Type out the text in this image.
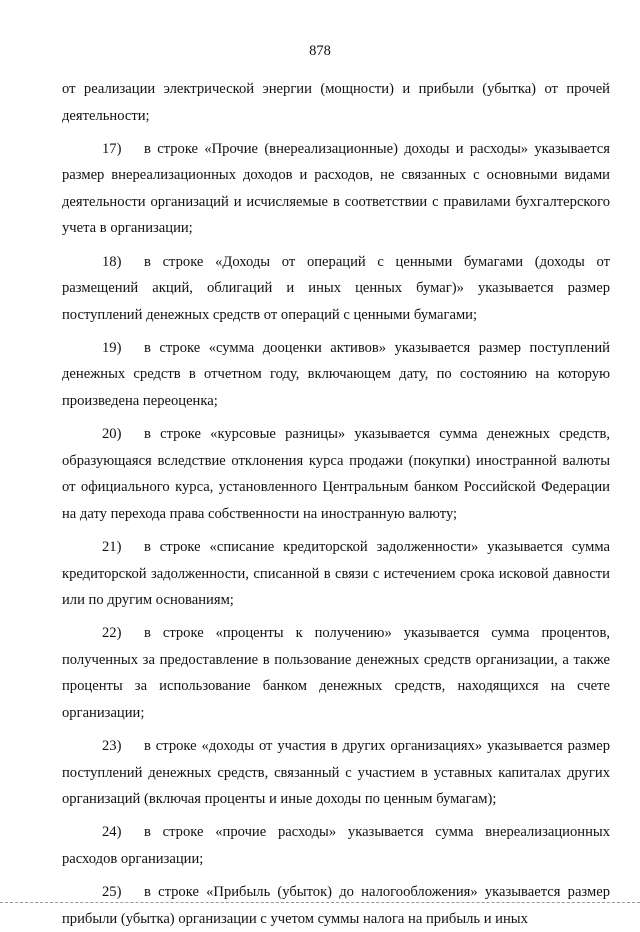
878

от реализации электрической энергии (мощности) и прибыли (убытка) от прочей деятельности;

17) в строке «Прочие (внереализационные) доходы и расходы» указывается размер внереализационных доходов и расходов, не связанных с основными видами деятельности организаций и исчисляемые в соответствии с правилами бухгалтерского учета в организации;

18) в строке «Доходы от операций с ценными бумагами (доходы от размещений акций, облигаций и иных ценных бумаг)» указывается размер поступлений денежных средств от операций с ценными бумагами;

19) в строке «сумма дооценки активов» указывается размер поступлений денежных средств в отчетном году, включающем дату, по состоянию на которую произведена переоценка;

20) в строке «курсовые разницы» указывается сумма денежных средств, образующаяся вследствие отклонения курса продажи (покупки) иностранной валюты от официального курса, установленного Центральным банком Российской Федерации на дату перехода права собственности на иностранную валюту;

21) в строке «списание кредиторской задолженности» указывается сумма кредиторской задолженности, списанной в связи с истечением срока исковой давности или по другим основаниям;

22) в строке «проценты к получению» указывается сумма процентов, полученных за предоставление в пользование денежных средств организации, а также проценты за использование банком денежных средств, находящихся на счете организации;

23) в строке «доходы от участия в других организациях» указывается размер поступлений денежных средств, связанный с участием в уставных капиталах других организаций (включая проценты и иные доходы по ценным бумагам);

24) в строке «прочие расходы» указывается сумма внереализационных расходов организации;

25) в строке «Прибыль (убыток) до налогообложения» указывается размер прибыли (убытка) организации с учетом суммы налога на прибыль и иных
